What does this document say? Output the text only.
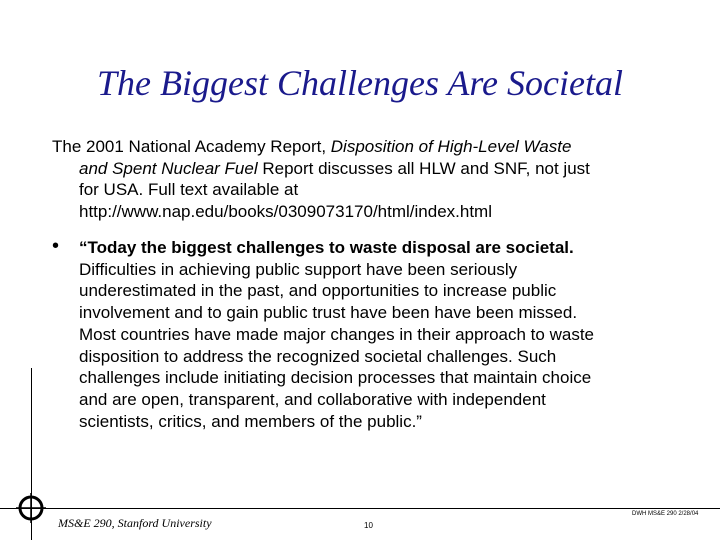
The Biggest Challenges Are Societal
The 2001 National Academy Report, Disposition of High-Level Waste
and Spent Nuclear Fuel Report discusses all HLW and SNF, not just
for USA. Full text available at
http://www.nap.edu/books/0309073170/html/index.html
• “Today the biggest challenges to waste disposal are societal.
Difficulties in achieving public support have been seriously
underestimated in the past, and opportunities to increase public
involvement and to gain public trust have been have been missed.
Most countries have made major changes in their approach to waste
disposition to address the recognized societal challenges. Such
challenges include initiating decision processes that maintain choice
and are open, transparent, and collaborative with independent
scientists, critics, and members of the public.”
MS&E 290, Stanford University	10
DWH MS&E 290 2/28/04
